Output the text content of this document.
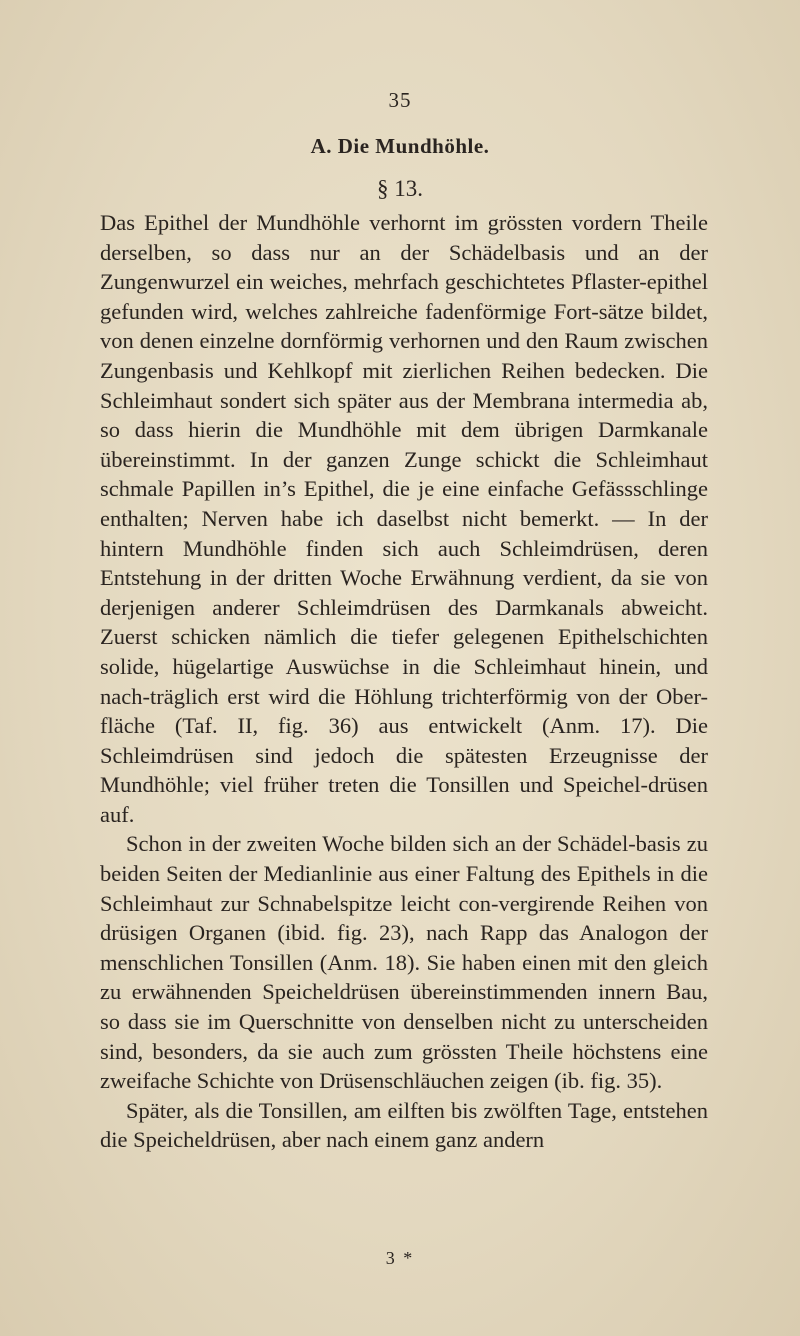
35
A. Die Mundhöhle.
§ 13.

Das Epithel der Mundhöhle verhornt im grössten vordern Theile derselben, so dass nur an der Schädelbasis und an der Zungenwurzel ein weiches, mehrfach geschichtetes Pflaster-epithel gefunden wird, welches zahlreiche fadenförmige Fort-sätze bildet, von denen einzelne dornförmig verhornen und den Raum zwischen Zungenbasis und Kehlkopf mit zierlichen Reihen bedecken. Die Schleimhaut sondert sich später aus der Membrana intermedia ab, so dass hierin die Mundhöhle mit dem übrigen Darmkanale übereinstimmt. In der ganzen Zunge schickt die Schleimhaut schmale Papillen in’s Epithel, die je eine einfache Gefässschlinge enthalten; Nerven habe ich daselbst nicht bemerkt. — In der hintern Mundhöhle finden sich auch Schleimdrüsen, deren Entstehung in der dritten Woche Erwähnung verdient, da sie von derjenigen anderer Schleimdrüsen des Darmkanals abweicht. Zuerst schicken nämlich die tiefer gelegenen Epithelschichten solide, hügelartige Auswüchse in die Schleimhaut hinein, und nach-träglich erst wird die Höhlung trichterförmig von der Ober-fläche (Taf. II, fig. 36) aus entwickelt (Anm. 17). Die Schleimdrüsen sind jedoch die spätesten Erzeugnisse der Mundhöhle; viel früher treten die Tonsillen und Speichel-drüsen auf.

Schon in der zweiten Woche bilden sich an der Schädel-basis zu beiden Seiten der Medianlinie aus einer Faltung des Epithels in die Schleimhaut zur Schnabelspitze leicht con-vergirende Reihen von drüsigen Organen (ibid. fig. 23), nach Rapp das Analogon der menschlichen Tonsillen (Anm. 18). Sie haben einen mit den gleich zu erwähnenden Speicheldrüsen übereinstimmenden innern Bau, so dass sie im Querschnitte von denselben nicht zu unterscheiden sind, besonders, da sie auch zum grössten Theile höchstens eine zweifache Schichte von Drüsenschläuchen zeigen (ib. fig. 35).

Später, als die Tonsillen, am eilften bis zwölften Tage, entstehen die Speicheldrüsen, aber nach einem ganz andern

3 *
